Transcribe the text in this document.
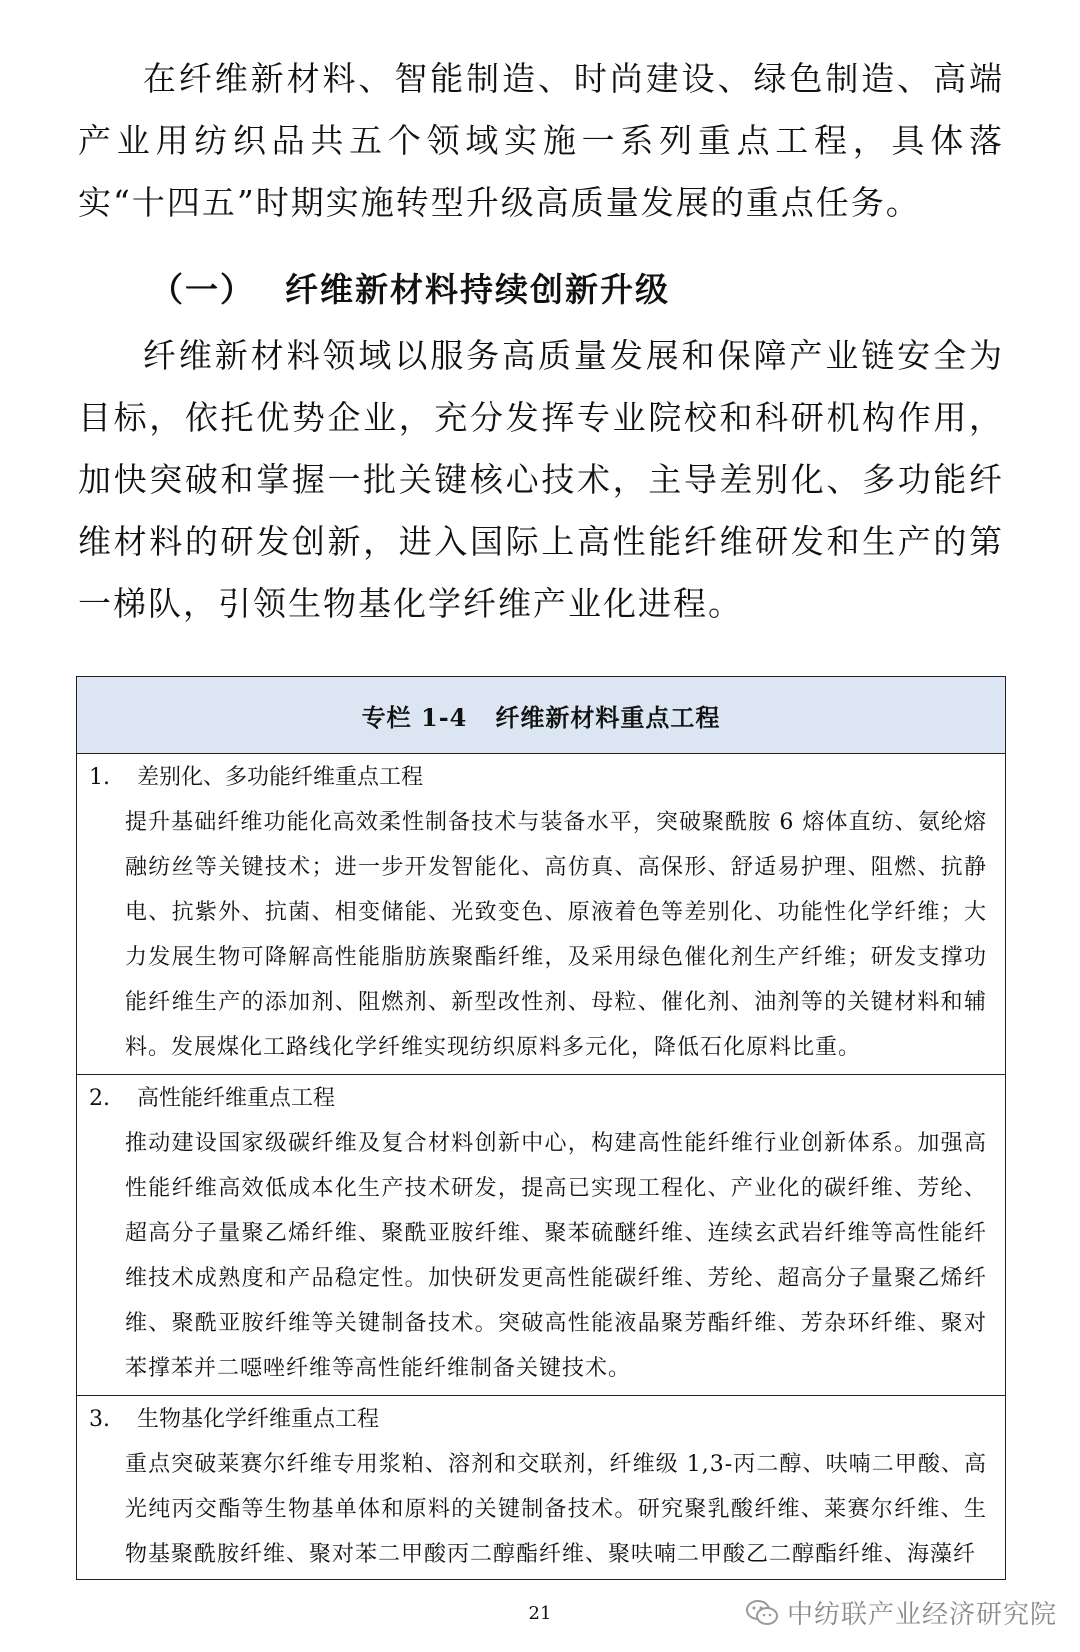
在纤维新材料、智能制造、时尚建设、绿色制造、高端产业用纺织品共五个领域实施一系列重点工程，具体落实“十四五”时期实施转型升级高质量发展的重点任务。

（一） 纤维新材料持续创新升级

纤维新材料领域以服务高质量发展和保障产业链安全为目标，依托优势企业，充分发挥专业院校和科研机构作用，加快突破和掌握一批关键核心技术，主导差别化、多功能纤维材料的研发创新，进入国际上高性能纤维研发和生产的第一梯队，引领生物基化学纤维产业化进程。

专栏 1-4 纤维新材料重点工程

1. 差别化、多功能纤维重点工程

提升基础纤维功能化高效柔性制备技术与装备水平，突破聚酰胺 6 熔体直纺、氨纶熔融纺丝等关键技术；进一步开发智能化、高仿真、高保形、舒适易护理、阻燃、抗静电、抗紫外、抗菌、相变储能、光致变色、原液着色等差别化、功能性化学纤维；大力发展生物可降解高性能脂肪族聚酯纤维，及采用绿色催化剂生产纤维；研发支撑功能纤维生产的添加剂、阻燃剂、新型改性剂、母粒、催化剂、油剂等的关键材料和辅料。发展煤化工路线化学纤维实现纺织原料多元化，降低石化原料比重。

2. 高性能纤维重点工程

推动建设国家级碳纤维及复合材料创新中心，构建高性能纤维行业创新体系。加强高性能纤维高效低成本化生产技术研发，提高已实现工程化、产业化的碳纤维、芳纶、超高分子量聚乙烯纤维、聚酰亚胺纤维、聚苯硫醚纤维、连续玄武岩纤维等高性能纤维技术成熟度和产品稳定性。加快研发更高性能碳纤维、芳纶、超高分子量聚乙烯纤维、聚酰亚胺纤维等关键制备技术。突破高性能液晶聚芳酯纤维、芳杂环纤维、聚对苯撑苯并二噁唑纤维等高性能纤维制备关键技术。

3. 生物基化学纤维重点工程

重点突破莱赛尔纤维专用浆粕、溶剂和交联剂，纤维级 1,3-丙二醇、呋喃二甲酸、高光纯丙交酯等生物基单体和原料的关键制备技术。研究聚乳酸纤维、莱赛尔纤维、生物基聚酰胺纤维、聚对苯二甲酸丙二醇酯纤维、聚呋喃二甲酸乙二醇酯纤维、海藻纤

21	中纺联产业经济研究院
